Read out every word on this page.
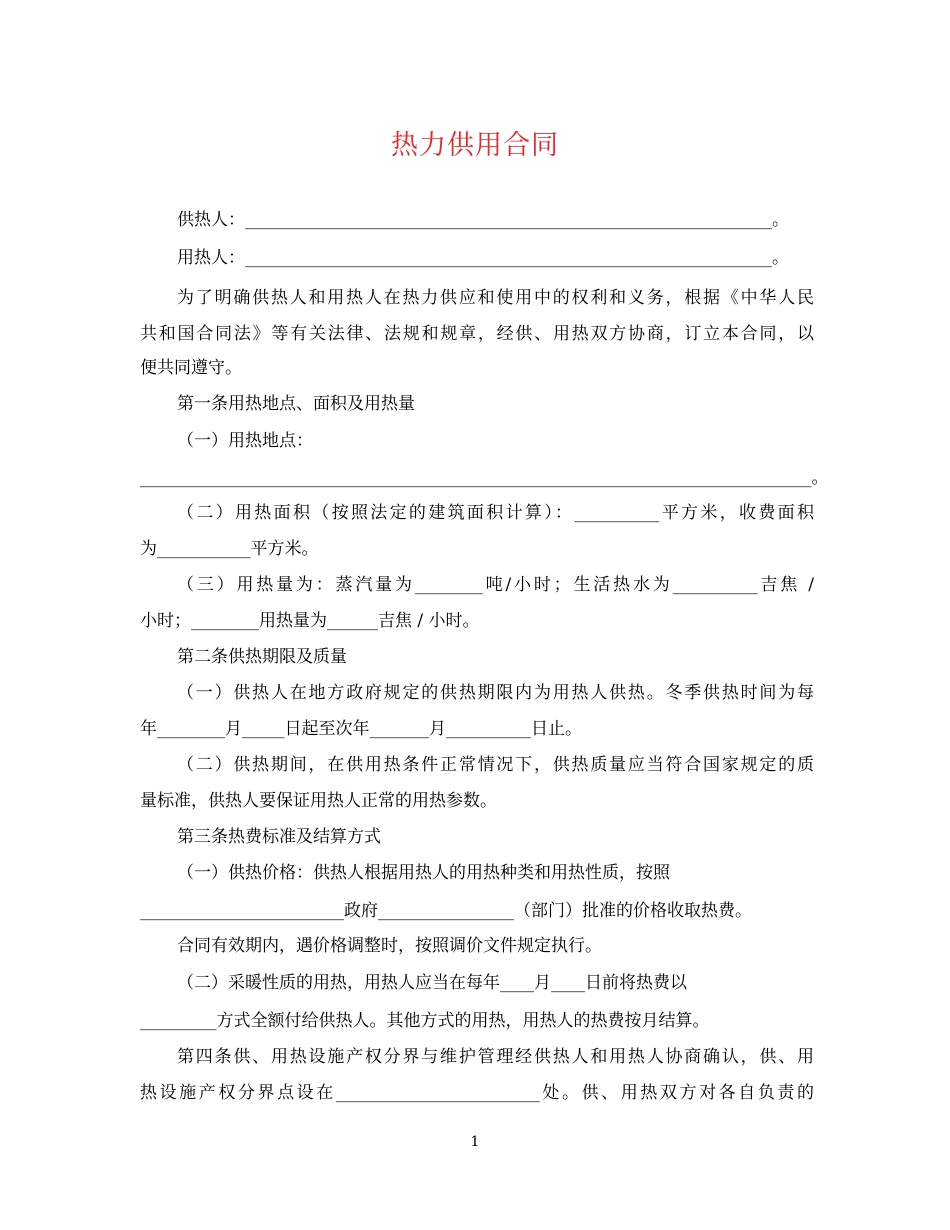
热力供用合同
供热人：______________________________________________________________。
用热人：______________________________________________________________。
为了明确供热人和用热人在热力供应和使用中的权利和义务，根据《中华人民
共和国合同法》等有关法律、法规和规章，经供、用热双方协商，订立本合同，以
便共同遵守。
第一条用热地点、面积及用热量
（一）用热地点：
_______________________________________________________________________________。
（二）用热面积（按照法定的建筑面积计算）：__________平方米，收费面积
为___________平方米。
（三）用热量为：蒸汽量为________吨/小时；生活热水为__________吉焦 /
小时；________用热量为______吉焦 / 小时。
第二条供热期限及质量
（一）供热人在地方政府规定的供热期限内为用热人供热。冬季供热时间为每
年________月_____日起至次年_______月__________日止。
（二）供热期间，在供用热条件正常情况下，供热质量应当符合国家规定的质
量标准，供热人要保证用热人正常的用热参数。
第三条热费标准及结算方式
（一）供热价格：供热人根据用热人的用热种类和用热性质，按照
________________________政府________________（部门）批准的价格收取热费。
合同有效期内，遇价格调整时，按照调价文件规定执行。
（二）采暖性质的用热，用热人应当在每年____月____日前将热费以
_________方式全额付给供热人。其他方式的用热，用热人的热费按月结算。
第四条供、用热设施产权分界与维护管理经供热人和用热人协商确认，供、用
热设施产权分界点设在________________________处。供、用热双方对各自负责的
1
